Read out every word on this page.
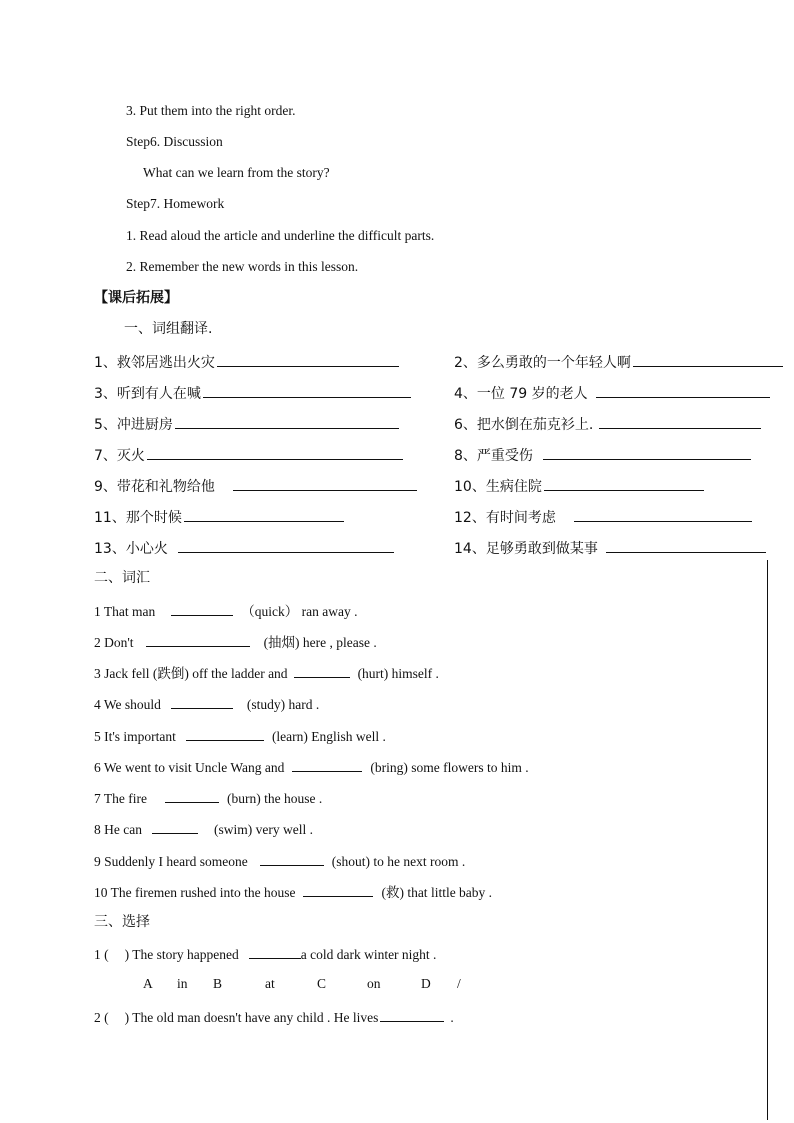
3. Put them into the right order.
Step6. Discussion
What can we learn from the story?
Step7. Homework
1. Read aloud the article and underline the difficult parts.
2. Remember the new words in this lesson.
【课后拓展】
一、词组翻译.
1、救邻居逃出火灾	2、多么勇敢的一个年轻人啊
3、听到有人在喊	4、一位 79 岁的老人
5、冲进厨房	6、把水倒在茄克衫上.
7、灭火	8、严重受伤
9、带花和礼物给他	10、生病住院
11、那个时候	12、有时间考虑
13、小心火	14、足够勇敢到做某事
二、词汇
1 That man	（quick） ran away .
2 Don't	(抽烟) here , please .
3 Jack fell (跌倒) off the ladder and	(hurt) himself .
4 We should	(study) hard .
5 It's important	(learn) English well .
6 We went to visit Uncle Wang and	(bring) some flowers to him .
7 The fire	(burn) the house .
8 He can	(swim) very well .
9 Suddenly I heard someone	(shout) to he next room .
10 The firemen rushed into the house	(救) that little baby .
三、选择
1 ( ) The story happened	a cold dark winter night .
A in B	at	C	on	D /
2 ( ) The old man doesn't have any child . He lives	.
